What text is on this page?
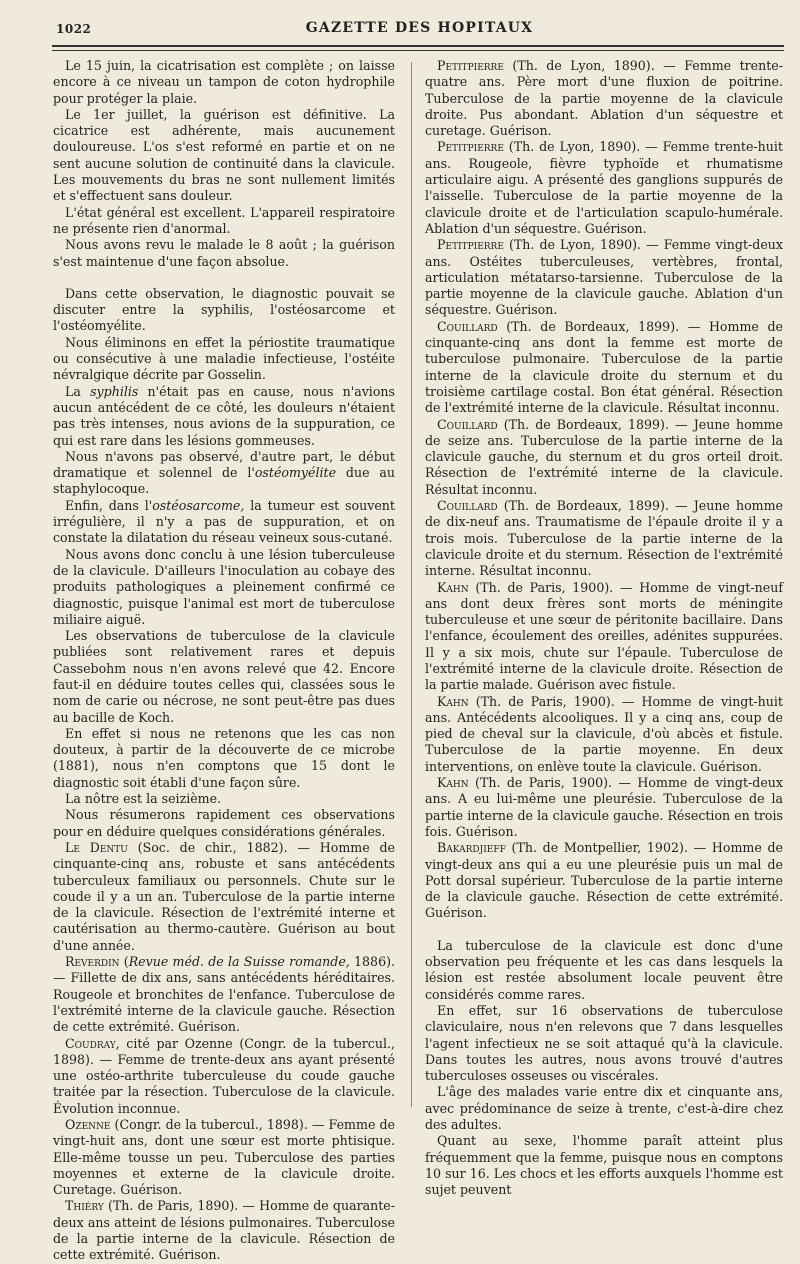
1022	GAZETTE DES HOPITAUX

Le 15 juin, la cicatrisation est complète ; on laisse encore à ce niveau un tampon de coton hydrophile pour protéger la plaie.

Le 1er juillet, la guérison est définitive. La cicatrice est adhérente, mais aucunement douloureuse. L'os s'est reformé en partie et on ne sent aucune solution de continuité dans la clavicule. Les mouvements du bras ne sont nullement limités et s'effectuent sans douleur.

L'état général est excellent. L'appareil respiratoire ne présente rien d'anormal.

Nous avons revu le malade le 8 août ; la guérison s'est maintenue d'une façon absolue.

Dans cette observation, le diagnostic pouvait se discuter entre la syphilis, l'ostéosarcome et l'ostéomyélite.

Nous éliminons en effet la périostite traumatique ou consécutive à une maladie infectieuse, l'ostéite névralgique décrite par Gosselin.

La syphilis n'était pas en cause, nous n'avions aucun antécédent de ce côté, les douleurs n'étaient pas très intenses, nous avions de la suppuration, ce qui est rare dans les lésions gommeuses.

Nous n'avons pas observé, d'autre part, le début dramatique et solennel de l'ostéomyélite due au staphylocoque.

Enfin, dans l'ostéosarcome, la tumeur est souvent irrégulière, il n'y a pas de suppuration, et on constate la dilatation du réseau veineux sous-cutané.

Nous avons donc conclu à une lésion tuberculeuse de la clavicule. D'ailleurs l'inoculation au cobaye des produits pathologiques a pleinement confirmé ce diagnostic, puisque l'animal est mort de tuberculose miliaire aiguë.

Les observations de tuberculose de la clavicule publiées sont relativement rares et depuis Cassebohm nous n'en avons relevé que 42. Encore faut-il en déduire toutes celles qui, classées sous le nom de carie ou nécrose, ne sont peut-être pas dues au bacille de Koch.

En effet si nous ne retenons que les cas non douteux, à partir de la découverte de ce microbe (1881), nous n'en comptons que 15 dont le diagnostic soit établi d'une façon sûre.

La nôtre est la seizième.

Nous résumerons rapidement ces observations pour en déduire quelques considérations générales.

Le Dentu (Soc. de chir., 1882). — Homme de cinquante-cinq ans, robuste et sans antécédents tuberculeux familiaux ou personnels. Chute sur le coude il y a un an. Tuberculose de la partie interne de la clavicule. Résection de l'extrémité interne et cautérisation au thermo-cautère. Guérison au bout d'une année.

Reverdin (Revue méd. de la Suisse romande, 1886). — Fillette de dix ans, sans antécédents héréditaires. Rougeole et bronchites de l'enfance. Tuberculose de l'extrémité interne de la clavicule gauche. Résection de cette extrémité. Guérison.

Coudray, cité par Ozenne (Congr. de la tubercul., 1898). — Femme de trente-deux ans ayant présenté une ostéo-arthrite tuberculeuse du coude gauche traitée par la résection. Tuberculose de la clavicule. Évolution inconnue.

Ozenne (Congr. de la tubercul., 1898). — Femme de vingt-huit ans, dont une sœur est morte phtisique. Elle-même tousse un peu. Tuberculose des parties moyennes et externe de la clavicule droite. Curetage. Guérison.

Thiéry (Th. de Paris, 1890). — Homme de quarante-deux ans atteint de lésions pulmonaires. Tuberculose de la partie interne de la clavicule. Résection de cette extrémité. Guérison.

Petitpierre (Th. de Lyon, 1890). — Femme trente-quatre ans. Père mort d'une fluxion de poitrine. Tuberculose de la partie moyenne de la clavicule droite. Pus abondant. Ablation d'un séquestre et curetage. Guérison.

Petitpierre (Th. de Lyon, 1890). — Femme trente-huit ans. Rougeole, fièvre typhoïde et rhumatisme articulaire aigu. A présenté des ganglions suppurés de l'aisselle. Tuberculose de la partie moyenne de la clavicule droite et de l'articulation scapulo-humérale. Ablation d'un séquestre. Guérison.

Petitpierre (Th. de Lyon, 1890). — Femme vingt-deux ans. Ostéites tuberculeuses, vertèbres, frontal, articulation métatarso-tarsienne. Tuberculose de la partie moyenne de la clavicule gauche. Ablation d'un séquestre. Guérison.

Couillard (Th. de Bordeaux, 1899). — Homme de cinquante-cinq ans dont la femme est morte de tuberculose pulmonaire. Tuberculose de la partie interne de la clavicule droite du sternum et du troisième cartilage costal. Bon état général. Résection de l'extrémité interne de la clavicule. Résultat inconnu.

Couillard (Th. de Bordeaux, 1899). — Jeune homme de seize ans. Tuberculose de la partie interne de la clavicule gauche, du sternum et du gros orteil droit. Résection de l'extrémité interne de la clavicule. Résultat inconnu.

Couillard (Th. de Bordeaux, 1899). — Jeune homme de dix-neuf ans. Traumatisme de l'épaule droite il y a trois mois. Tuberculose de la partie interne de la clavicule droite et du sternum. Résection de l'extrémité interne. Résultat inconnu.

Kahn (Th. de Paris, 1900). — Homme de vingt-neuf ans dont deux frères sont morts de méningite tuberculeuse et une sœur de péritonite bacillaire. Dans l'enfance, écoulement des oreilles, adénites suppurées. Il y a six mois, chute sur l'épaule. Tuberculose de l'extrémité interne de la clavicule droite. Résection de la partie malade. Guérison avec fistule.

Kahn (Th. de Paris, 1900). — Homme de vingt-huit ans. Antécédents alcooliques. Il y a cinq ans, coup de pied de cheval sur la clavicule, d'où abcès et fistule. Tuberculose de la partie moyenne. En deux interventions, on enlève toute la clavicule. Guérison.

Kahn (Th. de Paris, 1900). — Homme de vingt-deux ans. A eu lui-même une pleurésie. Tuberculose de la partie interne de la clavicule gauche. Résection en trois fois. Guérison.

Bakardjieff (Th. de Montpellier, 1902). — Homme de vingt-deux ans qui a eu une pleurésie puis un mal de Pott dorsal supérieur. Tuberculose de la partie interne de la clavicule gauche. Résection de cette extrémité. Guérison.

La tuberculose de la clavicule est donc d'une observation peu fréquente et les cas dans lesquels la lésion est restée absolument locale peuvent être considérés comme rares.

En effet, sur 16 observations de tuberculose claviculaire, nous n'en relevons que 7 dans lesquelles l'agent infectieux ne se soit attaqué qu'à la clavicule. Dans toutes les autres, nous avons trouvé d'autres tuberculoses osseuses ou viscérales.

L'âge des malades varie entre dix et cinquante ans, avec prédominance de seize à trente, c'est-à-dire chez des adultes.

Quant au sexe, l'homme paraît atteint plus fréquemment que la femme, puisque nous en comptons 10 sur 16. Les chocs et les efforts auxquels l'homme est sujet peuvent
